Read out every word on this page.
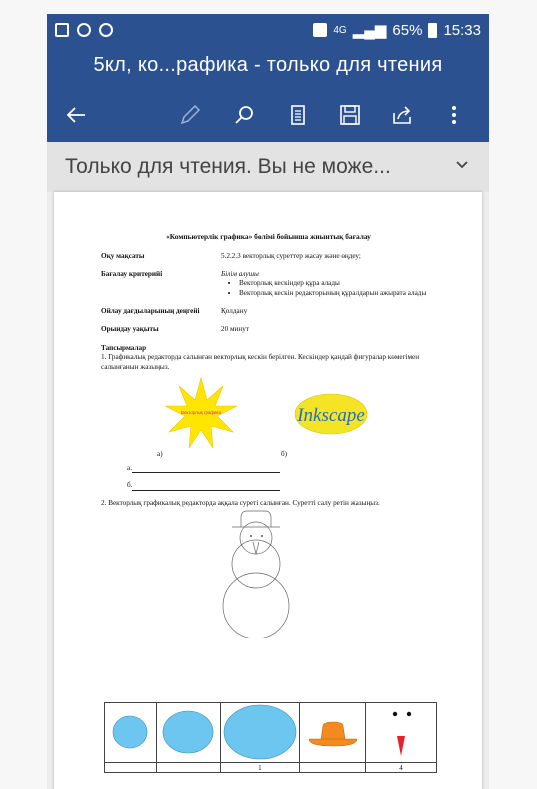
4G ▂▄▆ 65% 15:33
5кл, ко...рафика - только для чтения
Только для чтения. Вы не може...
«Компьютерлік графика» бөлімі бойынша жиынтық бағалау
Оқу мақсаты	5.2.2.3 векторлық суреттер жасау және өңдеу;
Бағалау критерийі	Білім алушы
• Векторлық кескіндер құра алады
• Векторлық кескін редакторының құралдарын ажырата алады
Ойлау дағдыларының деңгейі	Қолдану
Орындау уақыты	20 минут
Тапсырмалар
1. Графикалық редакторда салынған векторлық кескін берілген. Кескіндер қандай фигуралар көмегімен салынғанын жазыңыз.
Векторлық графика	Inkscape
а)	б)
а.
б.
2. Векторлық графикалық редакторда аққала суреті салынған. Суретті салу ретін жазыңыз.

		1		4
